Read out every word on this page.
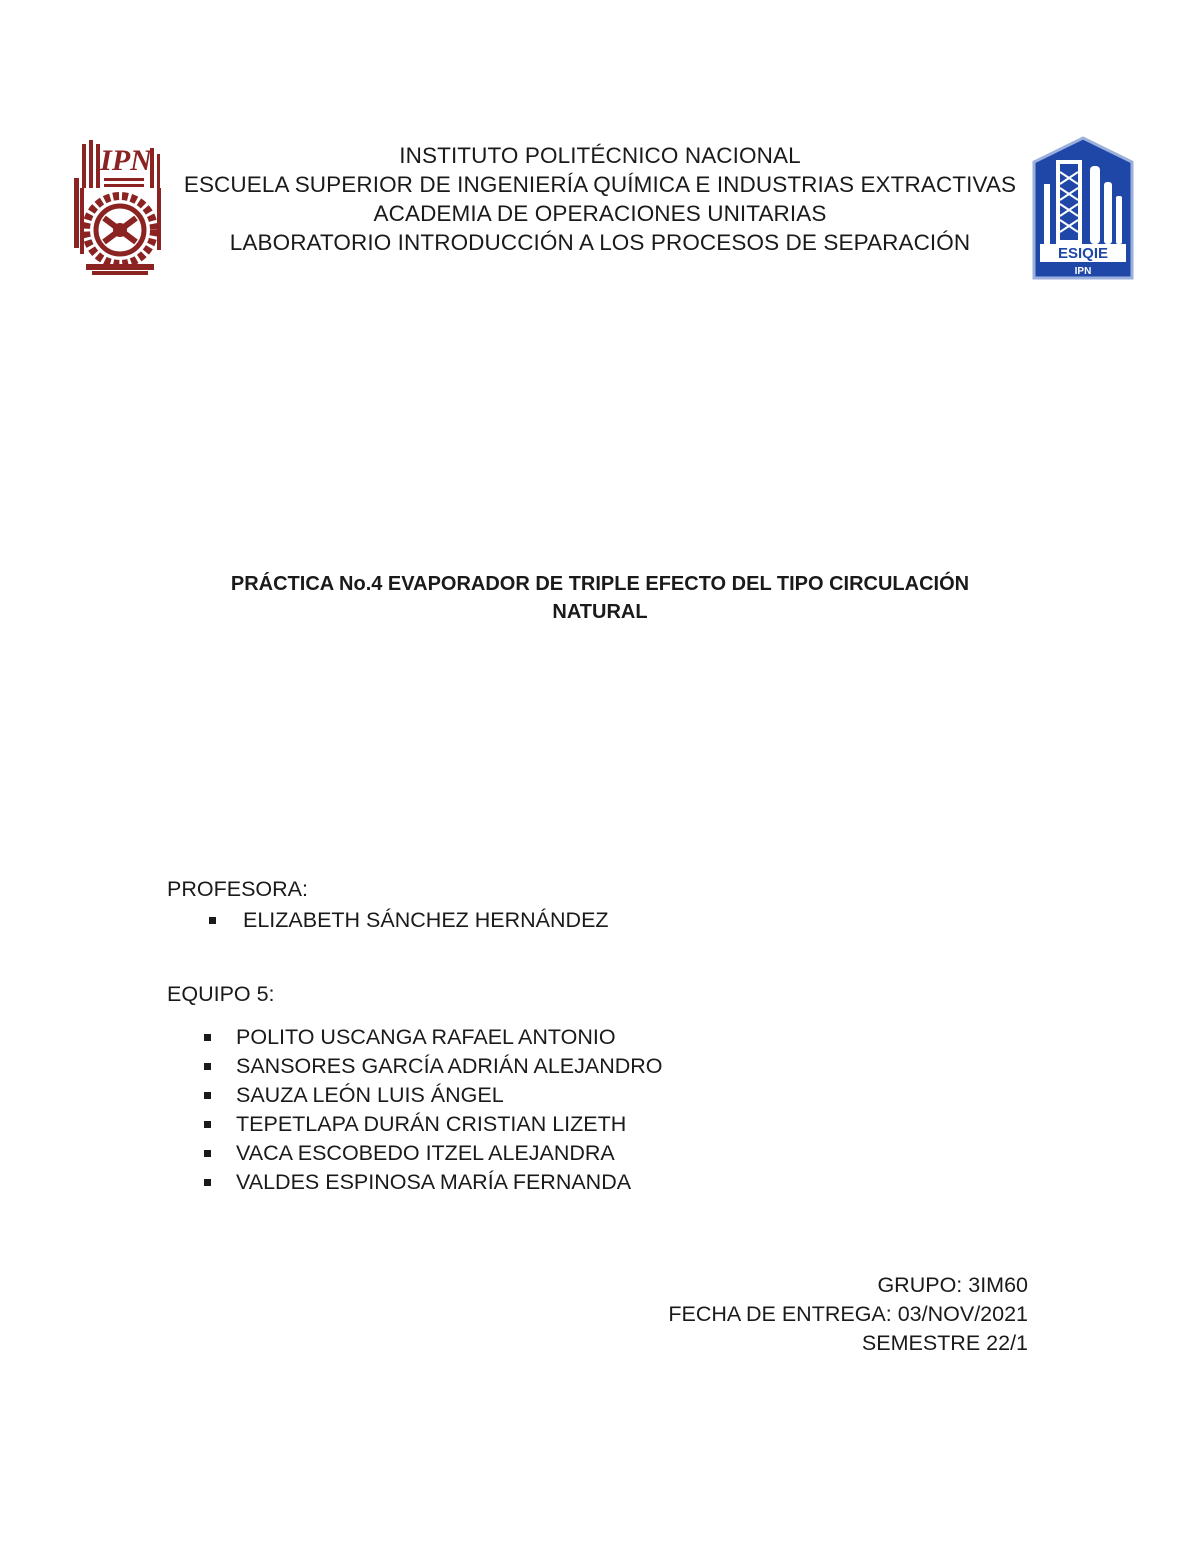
IPN
ESIQIE
IPN
INSTITUTO POLITÉCNICO NACIONAL
ESCUELA SUPERIOR DE INGENIERÍA QUÍMICA E INDUSTRIAS EXTRACTIVAS
ACADEMIA DE OPERACIONES UNITARIAS
LABORATORIO INTRODUCCIÓN A LOS PROCESOS DE SEPARACIÓN
PRÁCTICA No.4 EVAPORADOR DE TRIPLE EFECTO DEL TIPO CIRCULACIÓN
NATURAL
PROFESORA:
ELIZABETH SÁNCHEZ HERNÁNDEZ
EQUIPO 5:
POLITO USCANGA RAFAEL ANTONIO
SANSORES GARCÍA ADRIÁN ALEJANDRO
SAUZA LEÓN LUIS ÁNGEL
TEPETLAPA DURÁN CRISTIAN LIZETH
VACA ESCOBEDO ITZEL ALEJANDRA
VALDES ESPINOSA MARÍA FERNANDA
GRUPO: 3IM60
FECHA DE ENTREGA: 03/NOV/2021
SEMESTRE 22/1
